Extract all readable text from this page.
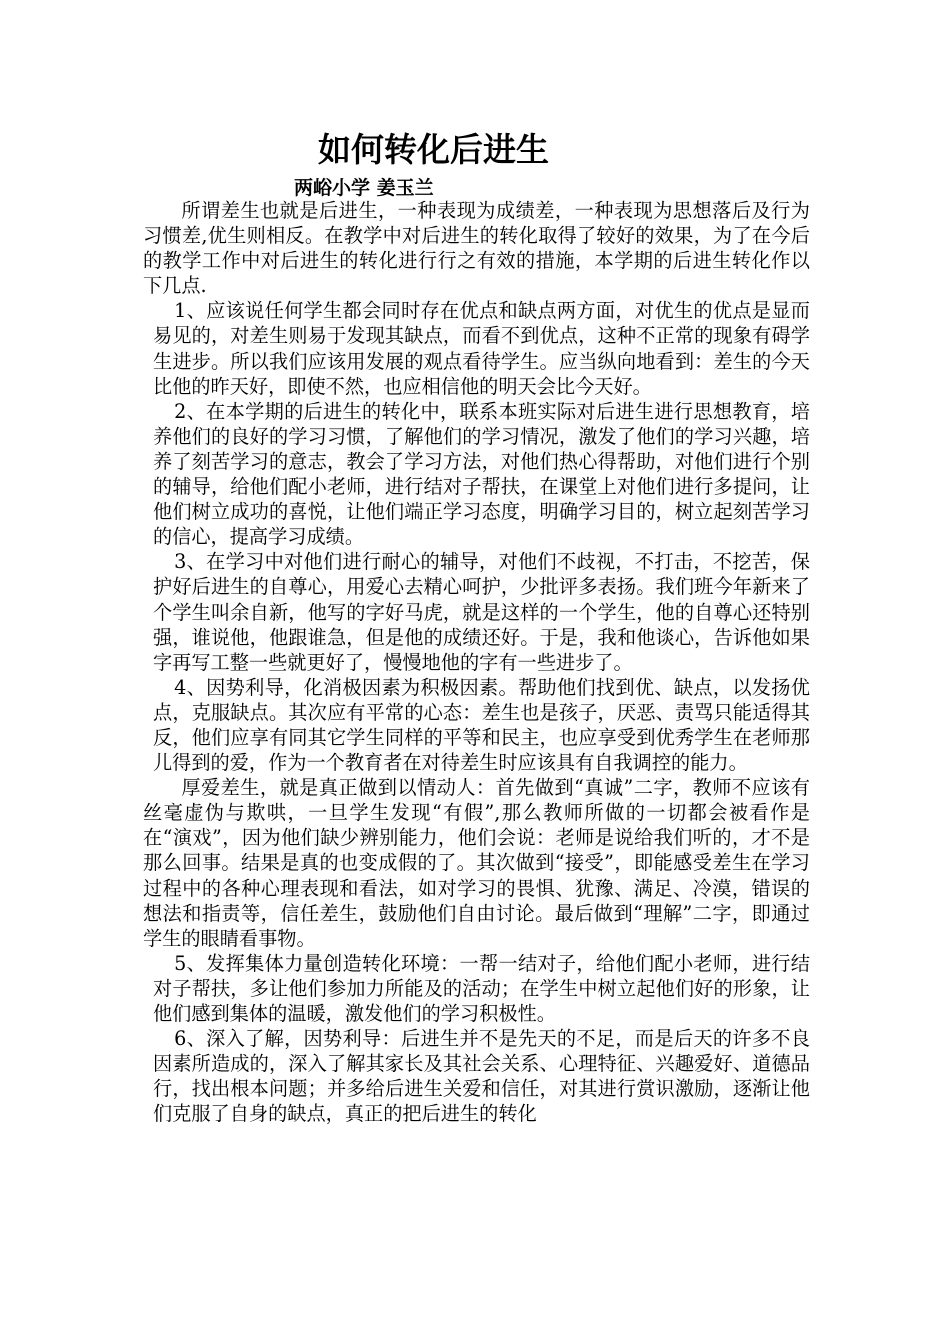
如何转化后进生
两峪小学 姜玉兰

所谓差生也就是后进生，一种表现为成绩差，一种表现为思想落后及行为习惯差,优生则相反。在教学中对后进生的转化取得了较好的效果，为了在今后的教学工作中对后进生的转化进行行之有效的措施，本学期的后进生转化作以下几点.

1、应该说任何学生都会同时存在优点和缺点两方面，对优生的优点是显而易见的，对差生则易于发现其缺点，而看不到优点，这种不正常的现象有碍学生进步。所以我们应该用发展的观点看待学生。应当纵向地看到：差生的今天比他的昨天好，即使不然，也应相信他的明天会比今天好。

2、在本学期的后进生的转化中，联系本班实际对后进生进行思想教育，培养他们的良好的学习习惯，了解他们的学习情况，激发了他们的学习兴趣，培养了刻苦学习的意志，教会了学习方法，对他们热心得帮助，对他们进行个别的辅导，给他们配小老师，进行结对子帮扶，在课堂上对他们进行多提问，让他们树立成功的喜悦，让他们端正学习态度，明确学习目的，树立起刻苦学习的信心，提高学习成绩。

3、在学习中对他们进行耐心的辅导，对他们不歧视，不打击，不挖苦，保护好后进生的自尊心，用爱心去精心呵护，少批评多表扬。我们班今年新来了个学生叫余自新，他写的字好马虎，就是这样的一个学生，他的自尊心还特别强，谁说他，他跟谁急，但是他的成绩还好。于是，我和他谈心，告诉他如果字再写工整一些就更好了，慢慢地他的字有一些进步了。

4、因势利导，化消极因素为积极因素。帮助他们找到优、缺点，以发扬优点，克服缺点。其次应有平常的心态：差生也是孩子，厌恶、责骂只能适得其反，他们应享有同其它学生同样的平等和民主，也应享受到优秀学生在老师那儿得到的爱，作为一个教育者在对待差生时应该具有自我调控的能力。

厚爱差生，就是真正做到以情动人：首先做到“真诚”二字，教师不应该有丝毫虚伪与欺哄，一旦学生发现“有假”,那么教师所做的一切都会被看作是在“演戏”，因为他们缺少辨别能力，他们会说：老师是说给我们听的，才不是那么回事。结果是真的也变成假的了。其次做到“接受”，即能感受差生在学习过程中的各种心理表现和看法，如对学习的畏惧、犹豫、满足、冷漠，错误的想法和指责等，信任差生，鼓励他们自由讨论。最后做到“理解”二字，即通过学生的眼睛看事物。

5、发挥集体力量创造转化环境：一帮一结对子，给他们配小老师，进行结对子帮扶，多让他们参加力所能及的活动；在学生中树立起他们好的形象，让他们感到集体的温暖，激发他们的学习积极性。

6、深入了解，因势利导：后进生并不是先天的不足，而是后天的许多不良因素所造成的，深入了解其家长及其社会关系、心理特征、兴趣爱好、道德品行，找出根本问题；并多给后进生关爱和信任，对其进行赏识激励，逐渐让他们克服了自身的缺点，真正的把后进生的转化
